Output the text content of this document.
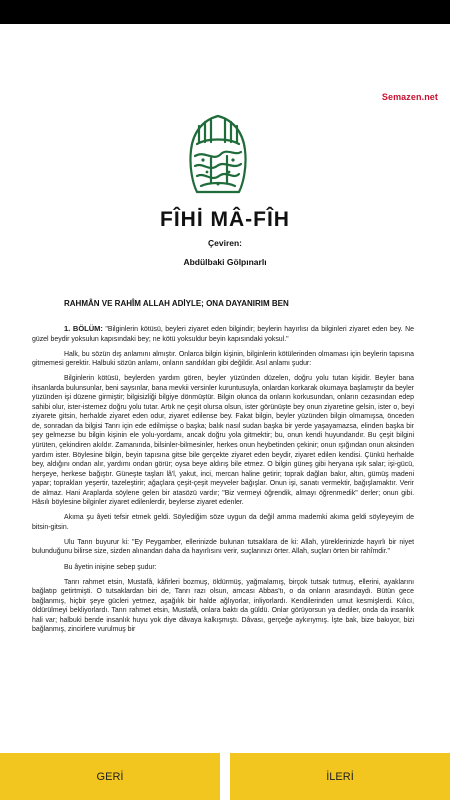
Semazen.net
FÎHİ MÂ-FÎH
Çeviren:
Abdülbaki Gölpınarlı
RAHMÂN VE RAHÎM ALLAH ADİYLE; ONA DAYANIRIM BEN

1. BÖLÜM: "Bilginlerin kötüsü, beyleri ziyaret eden bilgindir; beylerin hayırlısı da bilginleri ziyaret eden bey. Ne güzel beydir yoksulun kapısındaki bey; ne kötü yoksuldur beyin kapısındaki yoksul."

Halk, bu sözün dış anlamını almıştır. Onlarca bilgin kişinin, bilginlerin kötülerinden olmaması için beylerin tapısına gitmemesi gerektir. Halbuki sözün anlamı, onların sandıkları gibi değildir. Asıl anlamı şudur:

Bilginlerin kötüsü, beylerden yardım gören, beyler yüzünden düzelen, doğru yolu tutan kişidir. Beyler bana ihsanlarda bulunsunlar, beni saysınlar, bana mevkii versinler kuruntusuyla, onlardan korkarak okumaya başlamıştır da beyler yüzünden işi düzene girmiştir; bilgisizliği bilgiye dönmüştür. Bilgin olunca da onların korkusundan, onların cezasından edep sahibi olur, ister-istemez doğru yolu tutar. Artık ne çeşit olursa olsun, ister görünüşte bey onun ziyaretine gelsin, ister o, beyi ziyarete gitsin, herhalde ziyaret eden odur, ziyaret edilense bey. Fakat bilgin, beyler yüzünden bilgin olmamışsa, önceden de, sonradan da bilgisi Tanrı için ede edilmişse o başka; balık nasıl sudan başka bir yerde yaşayamazsa, elinden başka bir şey gelmezse bu bilgin kişinin ele yolu-yordamı, ancak doğru yola gitmektir; bu, onun kendi huyundandır. Bu çeşit bilgini yürüten, çekindiren akıldır. Zamanında, bilsinler-bilmesinler, herkes onun heybetinden çekinir; onun ışığından onun aksinden yardım ister. Böylesine bilgin, beyin tapısına gitse bile gerçekte ziyaret eden beydir, ziyaret edilen kendisi. Çünkü herhalde bey, aldığını ondan alır, yardımı ondan görür; oysa beye aldırış bile etmez. O bilgin güneş gibi heryana ışık salar; işi-gücü, herşeye, herkese bağıştır. Güneşte taşları lâ'l, yakut, inci, mercan haline getirir; toprak dağları bakır, altın, gümüş madeni yapar; toprakları yeşertir, tazeleştirir; ağaçlara çeşit-çeşit meyveler bağışlar. Onun işi, sanatı vermektir, bağışlamaktır. Verir de almaz. Hani Araplarda söylene gelen bir atasözü vardır; "Biz vermeyi öğrendik, almayı öğrenmedik" derler; onun gibi. Hâsılı böylesine bilginler ziyaret edilenlerdir, beylerse ziyaret edenler.

Akıma şu âyeti tefsir etmek geldi. Söylediğim söze uygun da değil amma mademki akıma geldi söyleyeyim de bitsin-gitsin.

Ulu Tanrı buyurur ki: "Ey Peygamber, ellerinizde bulunan tutsaklara de ki: Allah, yüreklerinizde hayırlı bir niyet bulunduğunu bilirse size, sizden alınandan daha da hayırlısını verir, suçlarınızı örter. Allah, suçları örten bir rahîmdir."

Bu âyetin inişine sebep şudur:

Tanrı rahmet etsin, Mustafâ, kâfirleri bozmuş, öldürmüş, yağmalamış, birçok tutsak tutmuş, ellerini, ayaklarını bağlatıp getirtmişti. O tutsaklardan biri de, Tanrı razı olsun, amcası Abbas'tı, o da onların arasındaydı. Bütün gece bağlanmış, hiçbir şeye gücleri yetmez, aşağılık bir halde ağlıyorlar, inliyorlardı. Kendilerinden umut kesmişlerdi. Kılıcı, öldürülmeyi bekliyorlardı. Tanrı rahmet etsin, Mustafâ, onlara baktı da güldü. Onlar görüyorsun ya dediler, onda da insanlık hali var; halbuki bende insanlık huyu yok diye dâvaya kalkışmıştı. Dâvası, gerçeğe aykırıymış. İşte bak, bize bakıyor, bizi bağlanmış, zincirlere vurulmuş bir

GERİ	İLERİ
